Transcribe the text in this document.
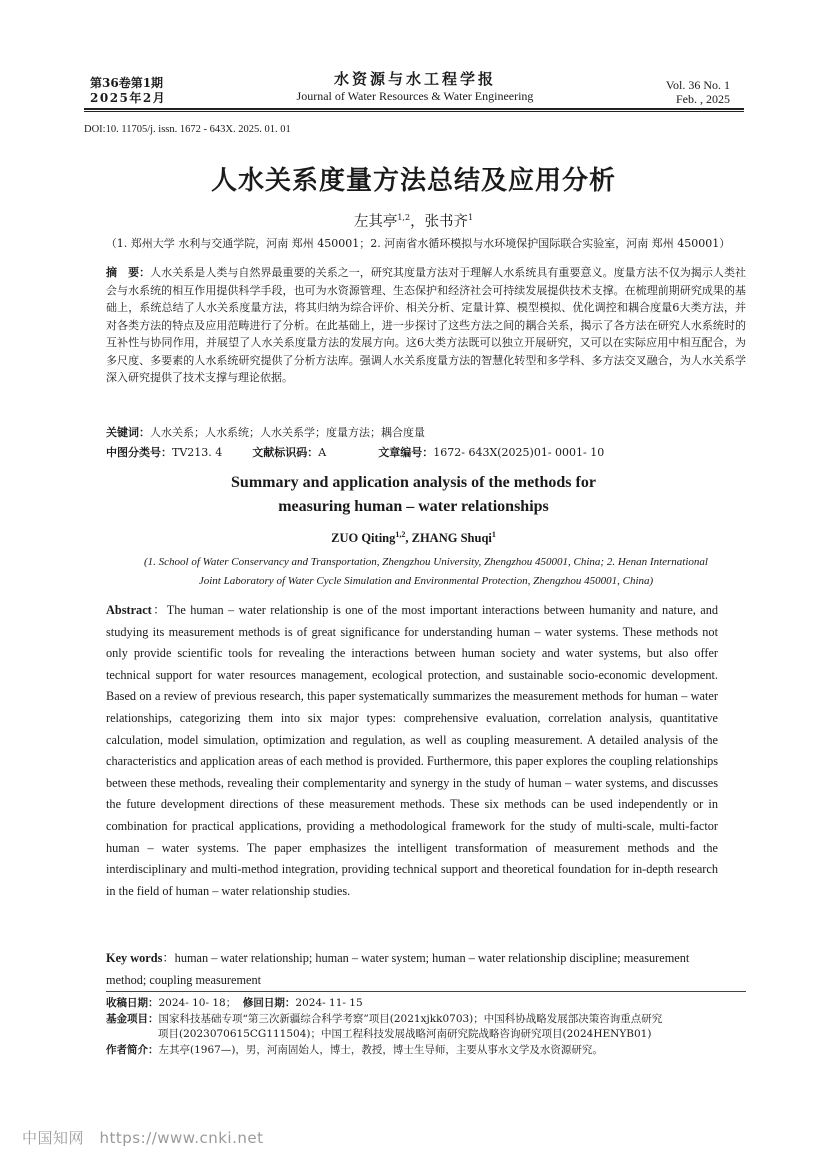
第36卷第1期
2025年2月
水资源与水工程学报
Journal of Water Resources & Water Engineering
Vol. 36 No. 1
Feb. , 2025
DOI:10. 11705/j. issn. 1672 - 643X. 2025. 01. 01
人水关系度量方法总结及应用分析
左其亭$^{1,2}$，张书齐$^1$
（1. 郑州大学 水利与交通学院，河南 郑州 450001；2. 河南省水循环模拟与水环境保护国际联合实验室，河南 郑州 450001）
摘　要：人水关系是人类与自然界最重要的关系之一，研究其度量方法对于理解人水系统具有重要意义。度量方法不仅为揭示人类社会与水系统的相互作用提供科学手段，也可为水资源管理、生态保护和经济社会可持续发展提供技术支撑。在梳理前期研究成果的基础上，系统总结了人水关系度量方法，将其归纳为综合评价、相关分析、定量计算、模型模拟、优化调控和耦合度量6大类方法，并对各类方法的特点及应用范畴进行了分析。在此基础上，进一步探讨了这些方法之间的耦合关系，揭示了各方法在研究人水系统时的互补性与协同作用，并展望了人水关系度量方法的发展方向。这6大类方法既可以独立开展研究，又可以在实际应用中相互配合，为多尺度、多要素的人水系统研究提供了分析方法库。强调人水关系度量方法的智慧化转型和多学科、多方法交叉融合，为人水关系学深入研究提供了技术支撑与理论依据。
关键词：人水关系；人水系统；人水关系学；度量方法；耦合度量
中图分类号：TV213. 4	文献标识码：A	文章编号：1672- 643X(2025)01- 0001- 10
Summary and application analysis of the methods for
measuring human – water relationships
ZUO Qiting$^{1,2}$, ZHANG Shuqi$^1$
(1. School of Water Conservancy and Transportation, Zhengzhou University, Zhengzhou 450001, China; 2. Henan International
Joint Laboratory of Water Cycle Simulation and Environmental Protection, Zhengzhou 450001, China)
Abstract：The human – water relationship is one of the most important interactions between humanity and nature, and studying its measurement methods is of great significance for understanding human – water systems. These methods not only provide scientific tools for revealing the interactions between human society and water systems, but also offer technical support for water resources management, ecological protection, and sustainable socio-economic development. Based on a review of previous research, this paper systematically summarizes the measurement methods for human – water relationships, categorizing them into six major types: comprehensive evaluation, correlation analysis, quantitative calculation, model simulation, optimization and regulation, as well as coupling measurement. A detailed analysis of the characteristics and application areas of each method is provided. Furthermore, this paper explores the coupling relationships between these methods, revealing their complementarity and synergy in the study of human – water systems, and discusses the future development directions of these measurement methods. These six methods can be used independently or in combination for practical applications, providing a methodological framework for the study of multi-scale, multi-factor human – water systems. The paper emphasizes the intelligent transformation of measurement methods and the interdisciplinary and multi-method integration, providing technical support and theoretical foundation for in-depth research in the field of human – water relationship studies.
Key words：human – water relationship; human – water system; human – water relationship discipline; measurement method; coupling measurement
收稿日期：2024- 10- 18； 修回日期：2024- 11- 15
基金项目：国家科技基础专项“第三次新疆综合科学考察”项目(2021xjkk0703)；中国科协战略发展部决策咨询重点研究
项目(2023070615CG111504)；中国工程科技发展战略河南研究院战略咨询研究项目(2024HENYB01)
作者简介：左其亭(1967—)，男，河南固始人，博士，教授，博士生导师，主要从事水文学及水资源研究。
中国知网　https://www.cnki.net
